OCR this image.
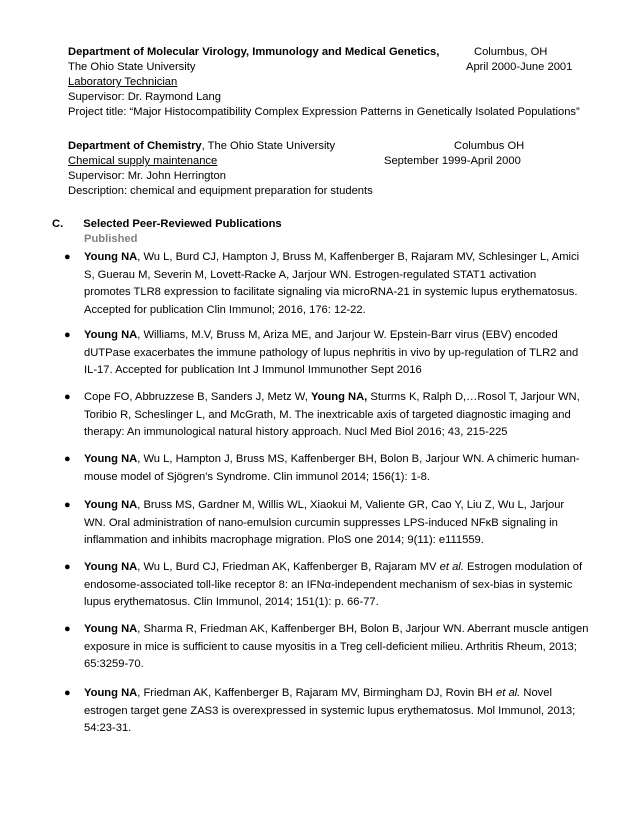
Department of Molecular Virology, Immunology and Medical Genetics,	Columbus, OH
The Ohio State University	April 2000-June 2001
Laboratory Technician
Supervisor: Dr. Raymond Lang
Project title: “Major Histocompatibility Complex Expression Patterns in Genetically Isolated Populations”
Department of Chemistry, The Ohio State University	Columbus OH
Chemical supply maintenance	September 1999-April 2000
Supervisor: Mr. John Herrington
Description: chemical and equipment preparation for students
C. Selected Peer-Reviewed Publications
Published
● Young NA, Wu L, Burd CJ, Hampton J, Bruss M, Kaffenberger B, Rajaram MV, Schlesinger L, Amici
S, Guerau M, Severin M, Lovett-Racke A, Jarjour WN. Estrogen-regulated STAT1 activation
promotes TLR8 expression to facilitate signaling via microRNA-21 in systemic lupus erythematosus.
Accepted for publication Clin Immunol; 2016, 176: 12-22.
● Young NA, Williams, M.V, Bruss M, Ariza ME, and Jarjour W. Epstein-Barr virus (EBV) encoded
dUTPase exacerbates the immune pathology of lupus nephritis in vivo by up-regulation of TLR2 and
IL-17. Accepted for publication Int J Immunol Immunother Sept 2016
● Cope FO, Abbruzzese B, Sanders J, Metz W, Young NA, Sturms K, Ralph D,…Rosol T, Jarjour WN,
Toribio R, Scheslinger L, and McGrath, M. The inextricable axis of targeted diagnostic imaging and
therapy: An immunological natural history approach. Nucl Med Biol 2016; 43, 215-225
● Young NA, Wu L, Hampton J, Bruss MS, Kaffenberger BH, Bolon B, Jarjour WN. A chimeric human-
mouse model of Sjögren's Syndrome. Clin immunol 2014; 156(1): 1-8.
● Young NA, Bruss MS, Gardner M, Willis WL, Xiaokui M, Valiente GR, Cao Y, Liu Z, Wu L, Jarjour
WN. Oral administration of nano-emulsion curcumin suppresses LPS-induced NFκB signaling in
inflammation and inhibits macrophage migration. PloS one 2014; 9(11): e111559.
● Young NA, Wu L, Burd CJ, Friedman AK, Kaffenberger B, Rajaram MV et al. Estrogen modulation of
endosome-associated toll-like receptor 8: an IFNα-independent mechanism of sex-bias in systemic
lupus erythematosus. Clin Immunol, 2014; 151(1): p. 66-77.
● Young NA, Sharma R, Friedman AK, Kaffenberger BH, Bolon B, Jarjour WN. Aberrant muscle antigen
exposure in mice is sufficient to cause myositis in a Treg cell-deficient milieu. Arthritis Rheum, 2013;
65:3259-70.
● Young NA, Friedman AK, Kaffenberger B, Rajaram MV, Birmingham DJ, Rovin BH et al. Novel
estrogen target gene ZAS3 is overexpressed in systemic lupus erythematosus. Mol Immunol, 2013;
54:23-31.
